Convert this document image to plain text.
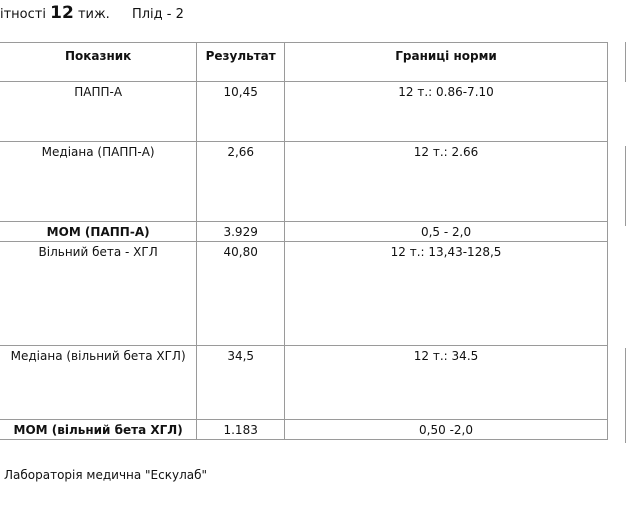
ітності 12 тиж. Плід - 2
Показник	Результат	Границі норми
ПАПП-А	10,45	12 т.: 0.86-7.10
Медіана (ПАПП-А)	2,66	12 т.: 2.66
МОМ (ПАПП-А)	3.929	0,5 - 2,0
Вільний бета - ХГЛ	40,80	12 т.: 13,43-128,5
Медіана (вільний бета ХГЛ)	34,5	12 т.: 34.5
МОМ (вільний бета ХГЛ)	1.183	0,50 -2,0
Лабораторія медична "Ескулаб"
